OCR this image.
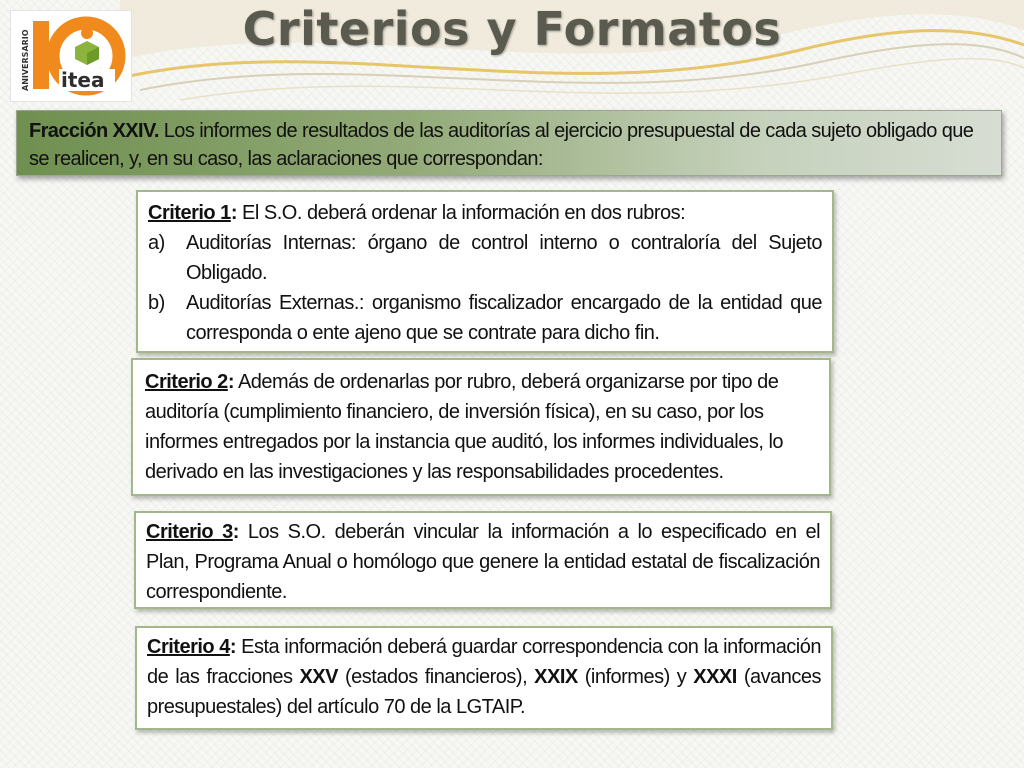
ANIVERSARIO itea
Criterios y Formatos
Fracción XXIV. Los informes de resultados de las auditorías al ejercicio presupuestal de cada sujeto obligado que se realicen, y, en su caso, las aclaraciones que correspondan:
Criterio 1: El S.O. deberá ordenar la información en dos rubros:
a) Auditorías Internas: órgano de control interno o contraloría del Sujeto Obligado.
b) Auditorías Externas.: organismo fiscalizador encargado de la entidad que corresponda o ente ajeno que se contrate para dicho fin.
Criterio 2: Además de ordenarlas por rubro, deberá organizarse por tipo de auditoría (cumplimiento financiero, de inversión física), en su caso, por los informes entregados por la instancia que auditó, los informes individuales, lo derivado en las investigaciones y las responsabilidades procedentes.
Criterio 3: Los S.O. deberán vincular la información a lo especificado en el Plan, Programa Anual o homólogo que genere la entidad estatal de fiscalización correspondiente.
Criterio 4: Esta información deberá guardar correspondencia con la información de las fracciones XXV (estados financieros), XXIX (informes) y XXXI (avances presupuestales) del artículo 70 de la LGTAIP.
